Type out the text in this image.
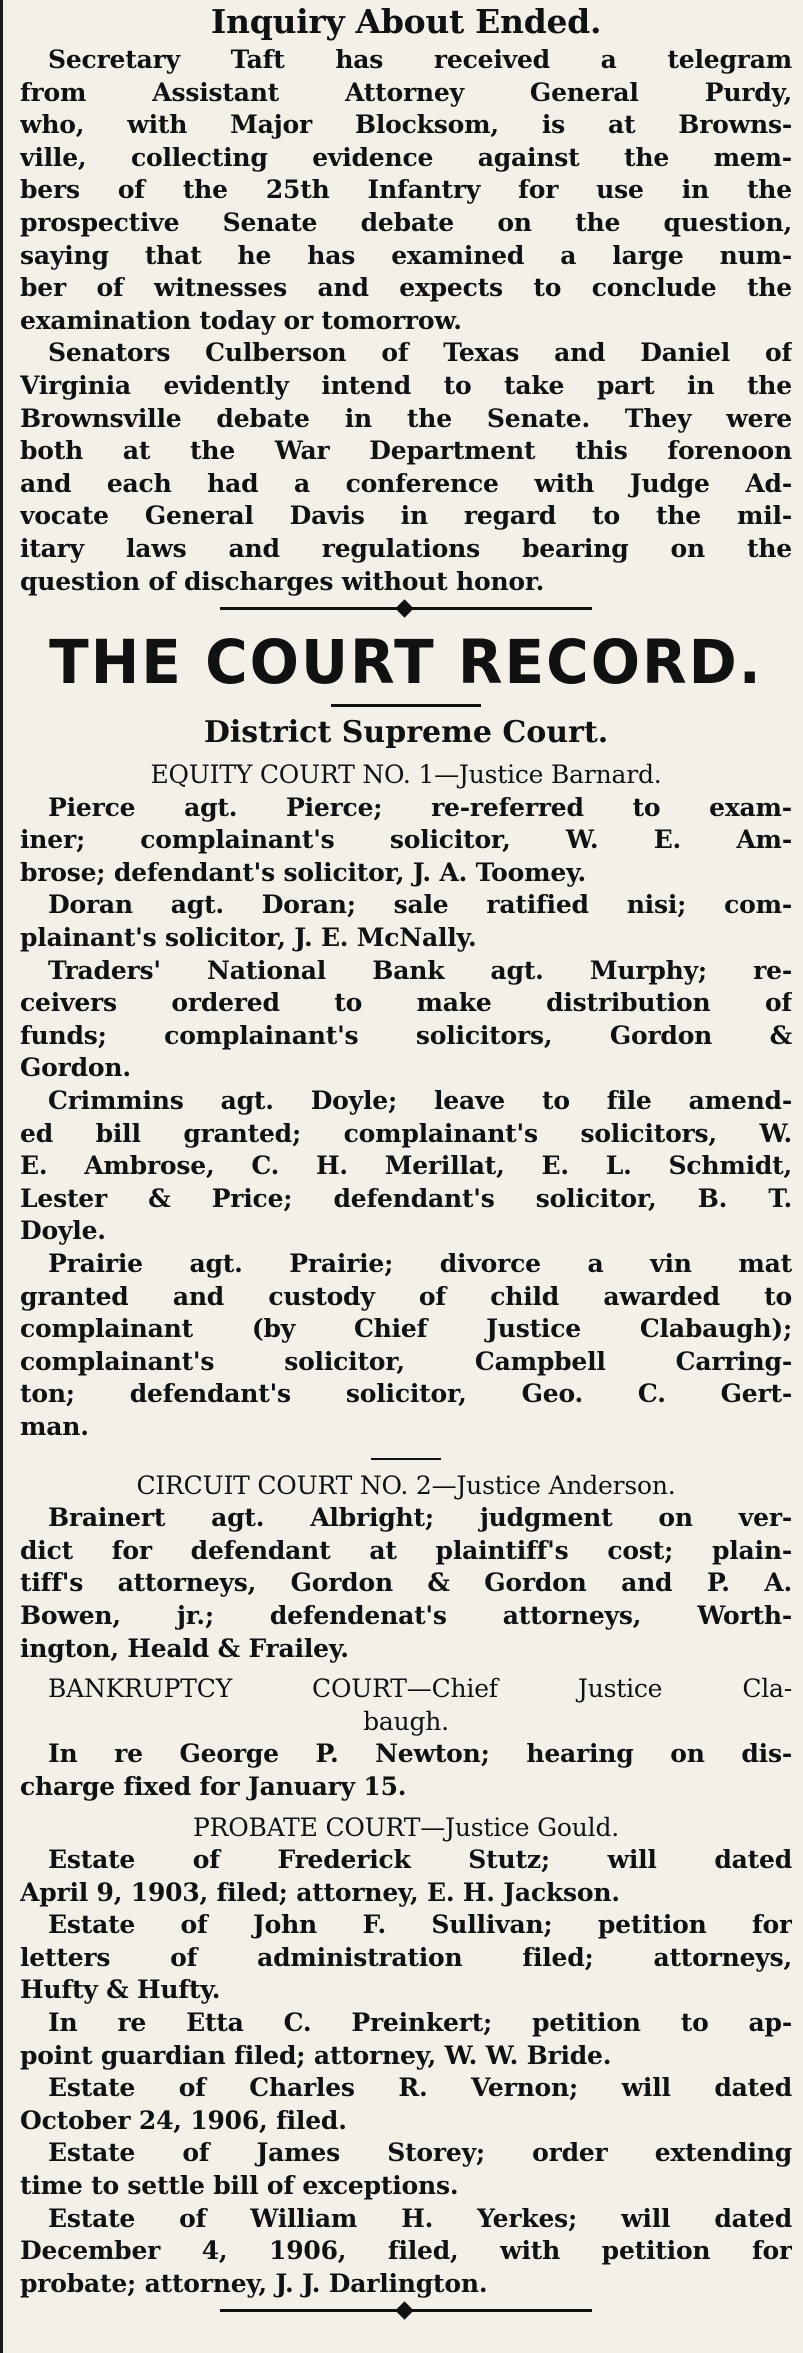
Inquiry About Ended.
Secretary Taft has received a telegram
from Assistant Attorney General Purdy,
who, with Major Blocksom, is at Browns-
ville, collecting evidence against the mem-
bers of the 25th Infantry for use in the
prospective Senate debate on the question,
saying that he has examined a large num-
ber of witnesses and expects to conclude the
examination today or tomorrow.
Senators Culberson of Texas and Daniel of
Virginia evidently intend to take part in the
Brownsville debate in the Senate. They were
both at the War Department this forenoon
and each had a conference with Judge Ad-
vocate General Davis in regard to the mil-
itary laws and regulations bearing on the
question of discharges without honor.
THE COURT RECORD.
District Supreme Court.
EQUITY COURT NO. 1—Justice Barnard.
Pierce agt. Pierce; re-referred to exam-
iner; complainant's solicitor, W. E. Am-
brose; defendant's solicitor, J. A. Toomey.
Doran agt. Doran; sale ratified nisi; com-
plainant's solicitor, J. E. McNally.
Traders' National Bank agt. Murphy; re-
ceivers ordered to make distribution of
funds; complainant's solicitors, Gordon &
Gordon.
Crimmins agt. Doyle; leave to file amend-
ed bill granted; complainant's solicitors, W.
E. Ambrose, C. H. Merillat, E. L. Schmidt,
Lester & Price; defendant's solicitor, B. T.
Doyle.
Prairie agt. Prairie; divorce a vin mat
granted and custody of child awarded to
complainant (by Chief Justice Clabaugh);
complainant's solicitor, Campbell Carring-
ton; defendant's solicitor, Geo. C. Gert-
man.
CIRCUIT COURT NO. 2—Justice Anderson.
Brainert agt. Albright; judgment on ver-
dict for defendant at plaintiff's cost; plain-
tiff's attorneys, Gordon & Gordon and P. A.
Bowen, jr.; defendenat's attorneys, Worth-
ington, Heald & Frailey.
BANKRUPTCY COURT—Chief Justice Cla-
baugh.
In re George P. Newton; hearing on dis-
charge fixed for January 15.
PROBATE COURT—Justice Gould.
Estate of Frederick Stutz; will dated
April 9, 1903, filed; attorney, E. H. Jackson.
Estate of John F. Sullivan; petition for
letters of administration filed; attorneys,
Hufty & Hufty.
In re Etta C. Preinkert; petition to ap-
point guardian filed; attorney, W. W. Bride.
Estate of Charles R. Vernon; will dated
October 24, 1906, filed.
Estate of James Storey; order extending
time to settle bill of exceptions.
Estate of William H. Yerkes; will dated
December 4, 1906, filed, with petition for
probate; attorney, J. J. Darlington.
